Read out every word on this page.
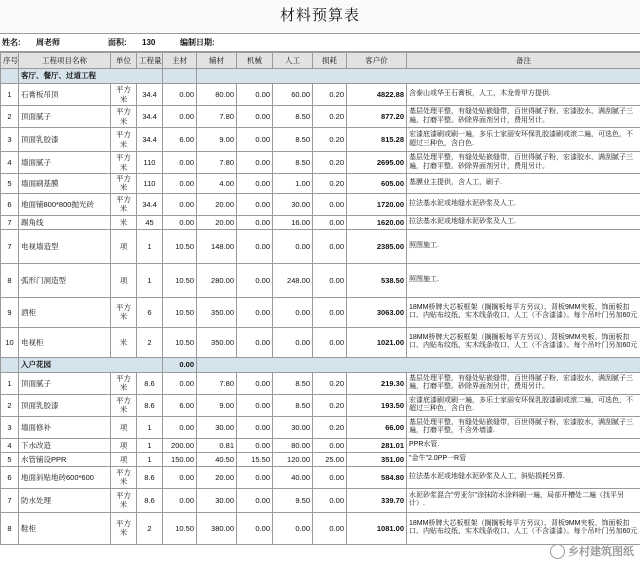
材料预算表
姓名:	周老师	面积:	130	编制日期:
序号	工程项目名称	单位	工程量	主材	辅材	机械	人工	损耗	客户价	备注
	客厅、餐厅、过道工程									
1	石膏板吊顶	平方米	34.4	0.00	80.00	0.00	60.00	0.20	4822.88	含泰山或华王石膏板，人工，木龙骨甲方提供.
2	顶面腻子	平方米	34.4	0.00	7.80	0.00	8.50	0.20	877.20	基层处理平整，有缝处贴嵌缝带，百世得腻子粉，宏漆胶水，满刮腻子三遍，打磨平整。砂除界面剂另计，费用另计。
3	顶面乳胶漆	平方米	34.4	6.00	9.00	0.00	8.50	0.20	815.28	宏漆底漆刷或刷一遍，多乐士家丽安环保乳胶漆刷或滚二遍，可选色，不超过三种色，含白色.
4	墙面腻子	平方米	110	0.00	7.80	0.00	8.50	0.20	2695.00	基层处理平整，有缝处贴嵌缝带，百世得腻子粉，宏漆胶水，满刮腻子三遍，打磨平整。砂除界面剂另计，费用另计。
5	墙面刷基膜	平方米	110	0.00	4.00	0.00	1.00	0.20	605.00	基膜业主提供，含人工，刷子.
6	地面铺800*800抛光砖	平方米	34.4	0.00	20.00	0.00	30.00	0.00	1720.00	拉法基水泥或地缝水泥砂浆及人工.
7	踢角线	米	45	0.00	20.00	0.00	16.00	0.00	1620.00	拉法基水泥或地缝水泥砂浆及人工.
7	电视墙造型	项	1	10.50	148.00	0.00	0.00	0.00	2385.00	照图施工.
8	弧形门洞造型	项	1	10.50	280.00	0.00	248.00	0.00	538.50	照图施工.
9	酒柜	平方米	6	10.50	350.00	0.00	0.00	0.00	3063.00	18MM桥牌大芯板框架（搁搁板每平方另议）、背板9MM夹板、饰面板扣口、内贴布纹纸、实木线条收口、人工（不含漆漆）。每个吊叶门另加60元
10	电视柜	米	2	10.50	350.00	0.00	0.00	0.00	1021.00	18MM桥牌大芯板框架（搁搁板每平方另议）、背板9MM夹板、饰面板扣口、内贴布纹纸、实木线条收口、人工（不含漆漆）。每个吊叶门另加60元
	入户花园			0.00						
1	顶面腻子	平方米	8.6	0.00	7.80	0.00	8.50	0.20	219.30	基层处理平整，有缝处贴嵌缝带，百世得腻子粉，宏漆胶水，满刮腻子三遍，打磨平整。砂除界面剂另计，费用另计。
2	顶面乳胶漆	平方米	8.6	6.00	9.00	0.00	8.50	0.20	193.50	宏漆底漆刷或刷一遍，多乐士家丽安环保乳胶漆刷或滚二遍，可选色，不超过三种色，含白色.
3	墙面修补	项	1	0.00	30.00	0.00	30.00	0.20	66.00	基层处理平整，有缝处贴嵌缝带，百世得腻子粉，宏漆胶水，满刮腻子三遍，打磨平整，不含外墙漆.
4	下水改造	项	1	200.00	0.81	0.00	80.00	0.00	281.01	PPR水管.
5	水管铺设PPR	项	1	150.00	40.50	15.50	120.00	25.00	351.00	"金牛"2.0PP一R管
6	地面斜贴地砖600*600	平方米	8.6	0.00	20.00	0.00	40.00	0.00	584.80	拉法基水泥或地缝水泥砂浆及人工，斜贴损耗另算.
7	防水处理	平方米	8.6	0.00	30.00	0.00	9.50	0.00	339.70	水泥砂浆混合"劳亚尔"涂抹防水涂料刷一遍，局部开槽处二遍（找平另计）.
8	鞋柜	平方米	2	10.50	380.00	0.00	0.00	0.00	1081.00	18MM桥牌大芯板框架（搁搁板每平方另议）、背板9MM夹板、饰面板扣口、内贴布纹纸、实木线条收口、人工（不含漆漆）。每个吊叶门另加60元
乡村建筑图纸
